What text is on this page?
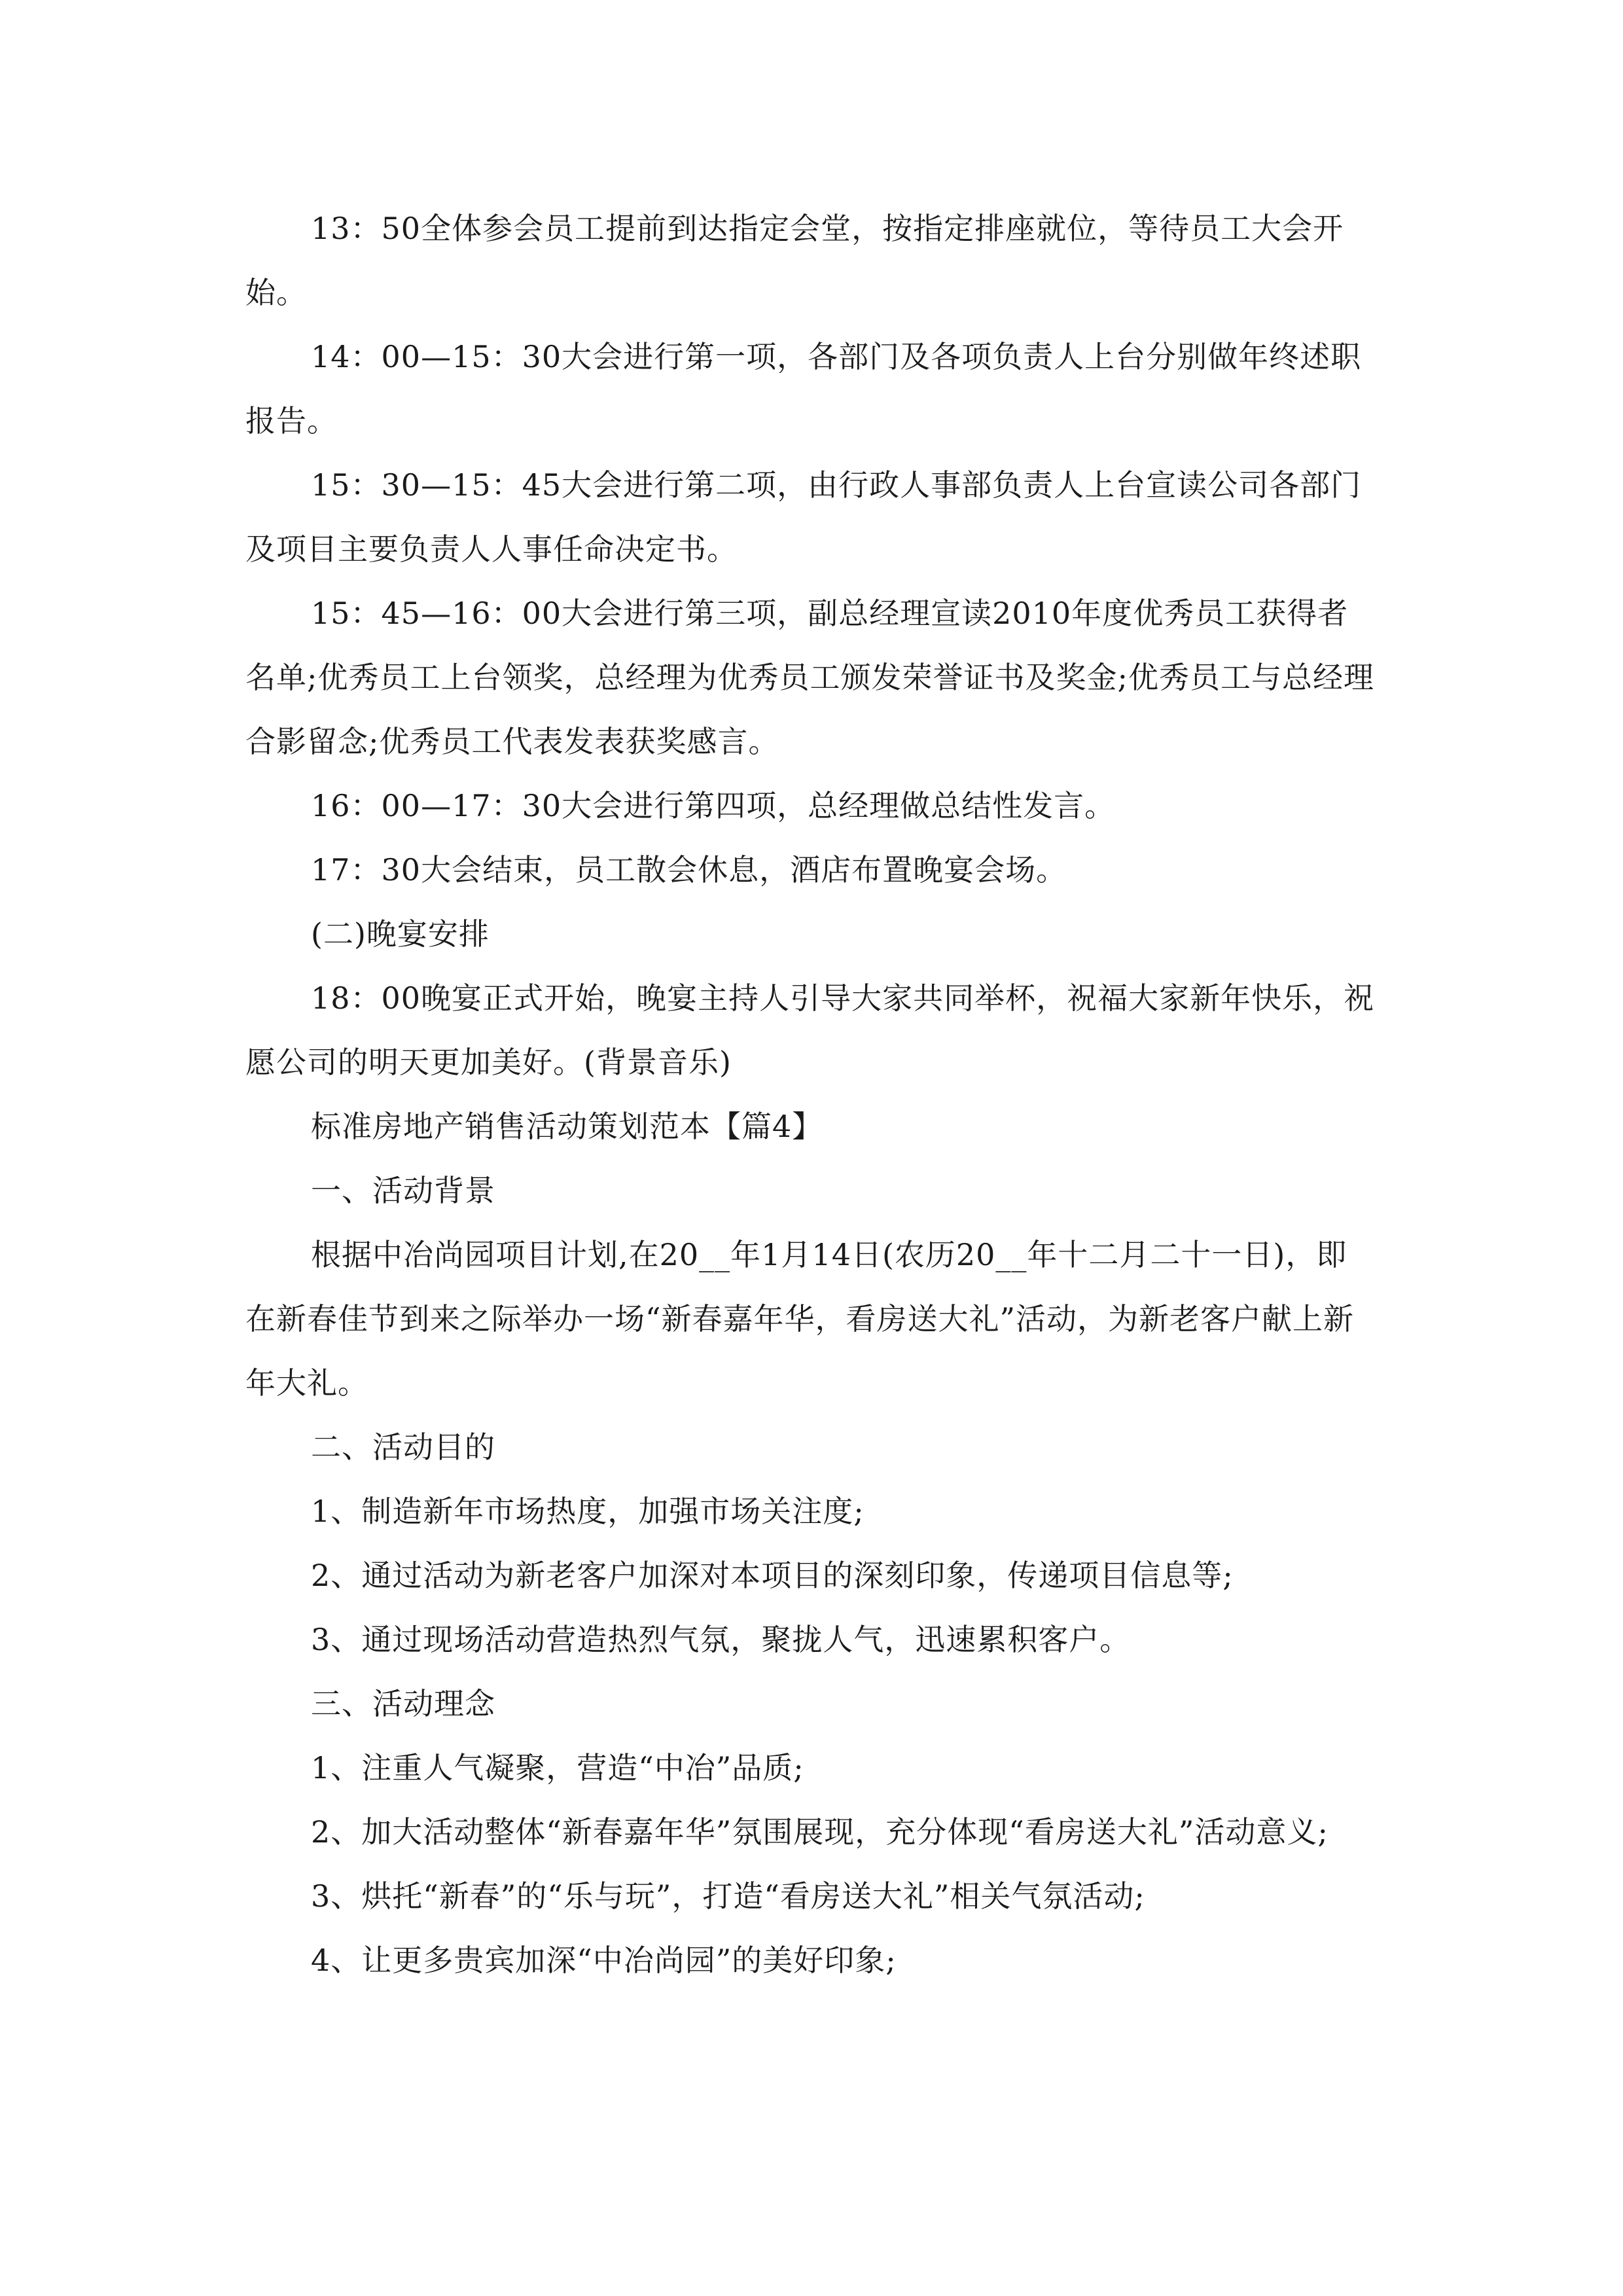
13：50全体参会员工提前到达指定会堂，按指定排座就位，等待员工大会开始。

14：00—15：30大会进行第一项，各部门及各项负责人上台分别做年终述职报告。

15：30—15：45大会进行第二项，由行政人事部负责人上台宣读公司各部门及项目主要负责人人事任命决定书。

15：45—16：00大会进行第三项，副总经理宣读2010年度优秀员工获得者名单;优秀员工上台领奖，总经理为优秀员工颁发荣誉证书及奖金;优秀员工与总经理合影留念;优秀员工代表发表获奖感言。

16：00—17：30大会进行第四项，总经理做总结性发言。

17：30大会结束，员工散会休息，酒店布置晚宴会场。

(二)晚宴安排

18：00晚宴正式开始，晚宴主持人引导大家共同举杯，祝福大家新年快乐，祝愿公司的明天更加美好。(背景音乐)

标准房地产销售活动策划范本【篇4】

一、活动背景

根据中冶尚园项目计划,在20__年1月14日(农历20__年十二月二十一日)，即在新春佳节到来之际举办一场“新春嘉年华，看房送大礼”活动，为新老客户献上新年大礼。

二、活动目的

1、制造新年市场热度，加强市场关注度;

2、通过活动为新老客户加深对本项目的深刻印象，传递项目信息等;

3、通过现场活动营造热烈气氛，聚拢人气，迅速累积客户。

三、活动理念

1、注重人气凝聚，营造“中冶”品质;

2、加大活动整体“新春嘉年华”氛围展现，充分体现“看房送大礼”活动意义;

3、烘托“新春”的“乐与玩”，打造“看房送大礼”相关气氛活动;

4、让更多贵宾加深“中冶尚园”的美好印象;
